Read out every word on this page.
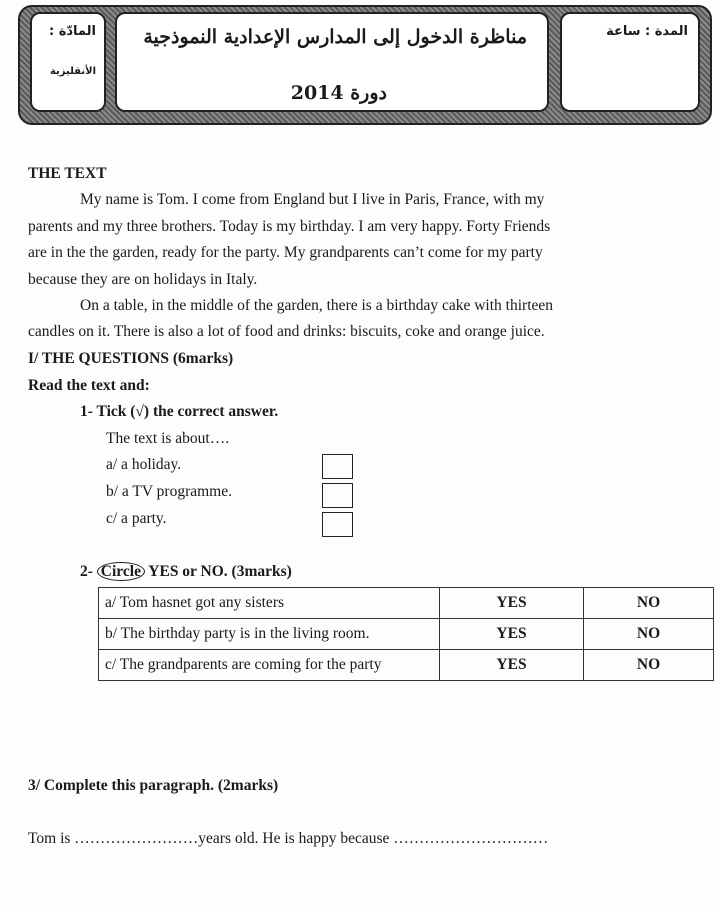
المادّة :
الأنقليزية
مناظرة الدخول إلى المدارس الإعدادية النموذجية
دورة 2014
المدة : ساعة
THE TEXT
My name is Tom. I come from England but I live in Paris, France, with my
parents and my three brothers. Today is my birthday. I am very happy. Forty Friends
are in the the garden, ready for the party. My grandparents can’t come for my party
because they are on holidays in Italy.
On a table, in the middle of the garden, there is a birthday cake with thirteen
candles on it. There is also a lot of food and drinks: biscuits, coke and orange juice.
I/ THE QUESTIONS (6marks)
Read the text and:
1- Tick (√) the correct answer.
The text is about….
a/ a holiday.
b/ a TV programme.
c/ a party.
2- Circle YES or NO. (3marks)
a/ Tom hasnet got any sisters	YES	NO
b/ The birthday party is in the living room.	YES	NO
c/ The grandparents are coming for the party	YES	NO
3/ Complete this paragraph. (2marks)
Tom is ……………………years old. He is happy because …………………………
